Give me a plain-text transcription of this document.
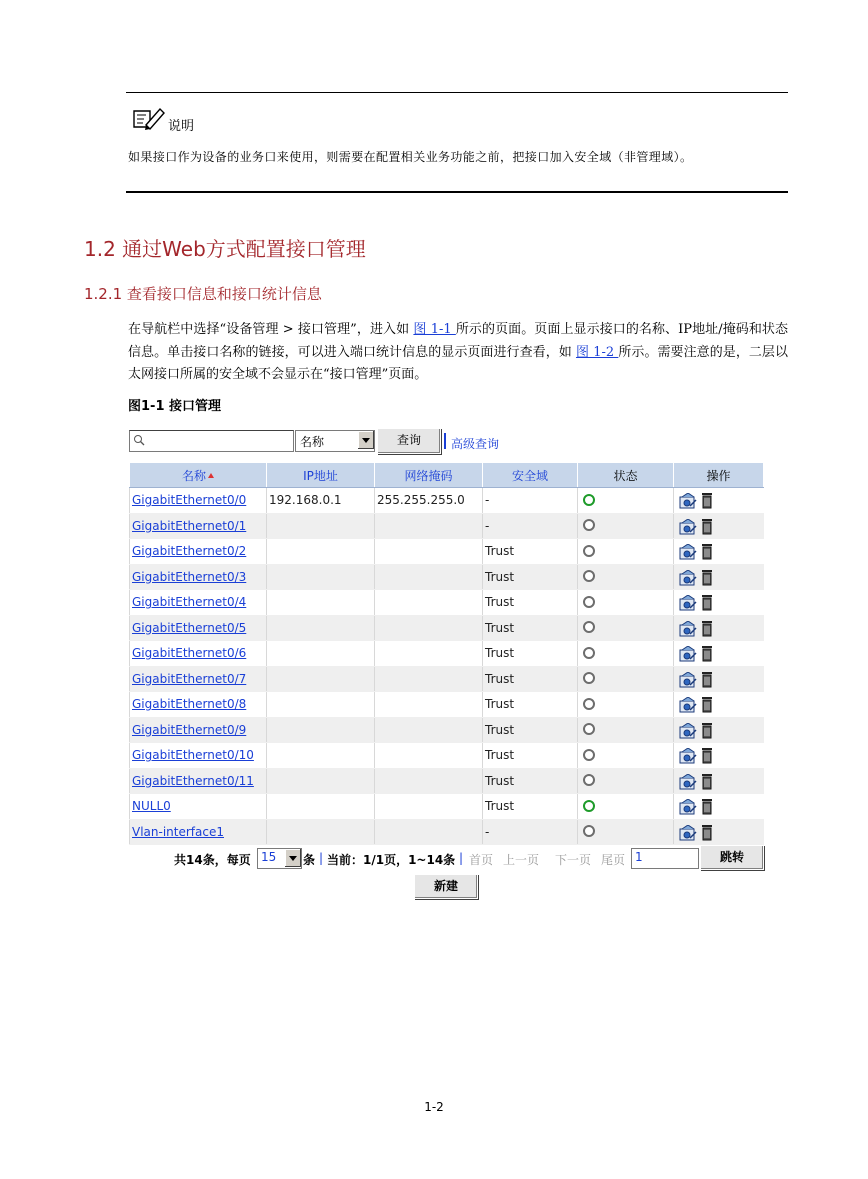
说明
如果接口作为设备的业务口来使用，则需要在配置相关业务功能之前，把接口加入安全域（非管理域）。
1.2 通过Web方式配置接口管理
1.2.1 查看接口信息和接口统计信息
在导航栏中选择“设备管理 > 接口管理”，进入如 图 1-1 所示的页面。页面上显示接口的名称、IP地址/掩码和状态信息。单击接口名称的链接，可以进入端口统计信息的显示页面进行查看，如 图 1-2 所示。需要注意的是，二层以太网接口所属的安全域不会显示在“接口管理”页面。
图1-1 接口管理
名称	查询	高级查询
名称	IP地址	网络掩码	安全域	状态	操作
GigabitEthernet0/0	192.168.0.1	255.255.255.0	-		
GigabitEthernet0/1			-		
GigabitEthernet0/2			Trust		
GigabitEthernet0/3			Trust		
GigabitEthernet0/4			Trust		
GigabitEthernet0/5			Trust		
GigabitEthernet0/6			Trust		
GigabitEthernet0/7			Trust		
GigabitEthernet0/8			Trust		
GigabitEthernet0/9			Trust		
GigabitEthernet0/10			Trust		
GigabitEthernet0/11			Trust		
NULL0			Trust		
Vlan-interface1			-		
共14条，每页 15 条 | 当前：1/1页，1~14条 | 首页 上一页 下一页 尾页 1	跳转
新建
1-2
